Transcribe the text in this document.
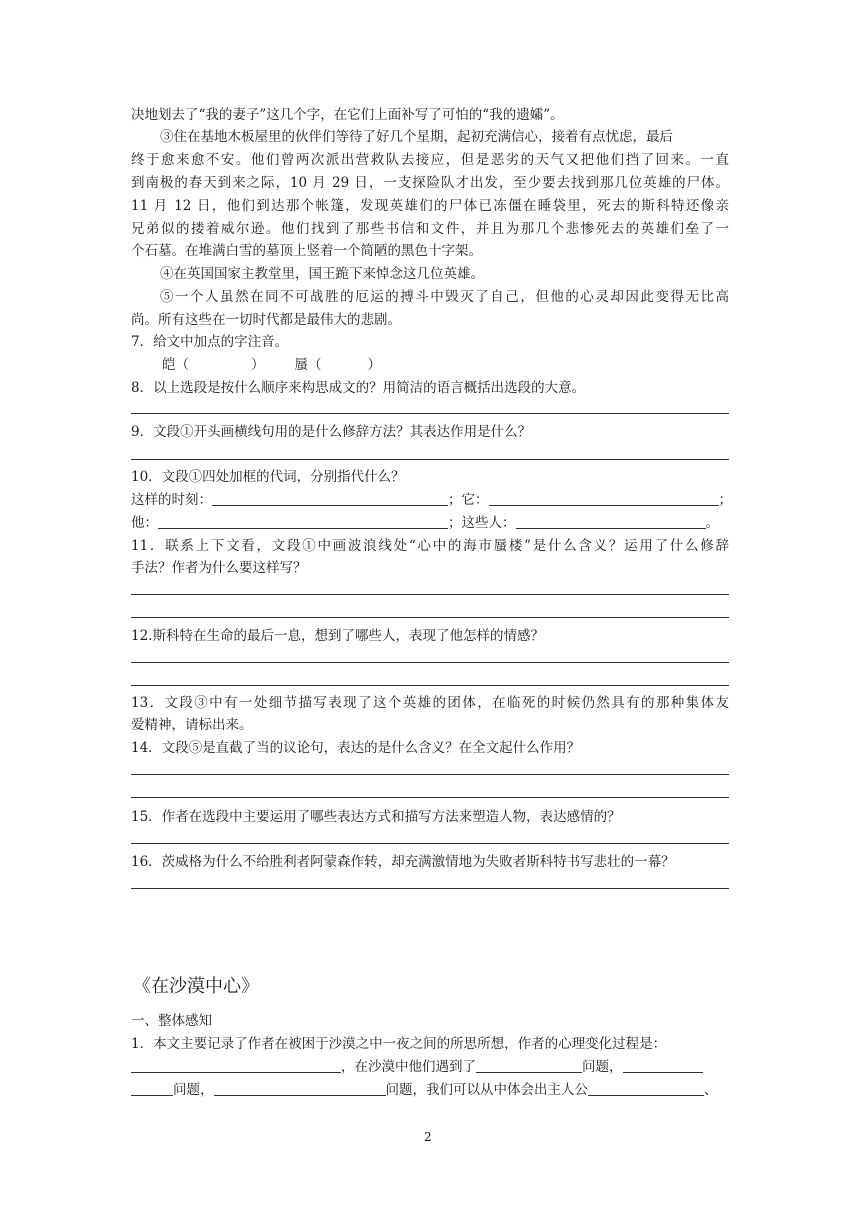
决地划去了“我的妻子”这几个字，在它们上面补写了可怕的“我的遗孀”。
③住在基地木板屋里的伙伴们等待了好几个星期，起初充满信心，接着有点忧虑，最后
终于愈来愈不安。他们曾两次派出营救队去接应，但是恶劣的天气又把他们挡了回来。一直
到南极的春天到来之际，10 月 29 日，一支探险队才出发，至少要去找到那几位英雄的尸体。
11 月 12 日，他们到达那个帐篷，发现英雄们的尸体已冻僵在睡袋里，死去的斯科特还像亲
兄弟似的搂着威尔逊。他们找到了那些书信和文件，并且为那几个悲惨死去的英雄们垒了一
个石墓。在堆满白雪的墓顶上竖着一个简陋的黑色十字架。
④在英国国家主教堂里，国王跪下来悼念这几位英雄。
⑤一个人虽然在同不可战胜的厄运的搏斗中毁灭了自己，但他的心灵却因此变得无比高
尚。所有这些在一切时代都是最伟大的悲剧。
7．给文中加点的字注音。
皑（	） 蜃（	）
8．以上选段是按什么顺序来构思成文的？用简洁的语言概括出选段的大意。
9．文段①开头画横线句用的是什么修辞方法？其表达作用是什么？
10．文段①四处加框的代词，分别指代什么？
这样的时刻：	；它：	；
他：	；这些人：	。
11．联系上下文看，文段①中画波浪线处“心中的海市蜃楼”是什么含义？运用了什么修辞
手法？作者为什么要这样写？
12.斯科特在生命的最后一息，想到了哪些人，表现了他怎样的情感？
13．文段③中有一处细节描写表现了这个英雄的团体，在临死的时候仍然具有的那种集体友
爱精神，请标出来。
14．文段⑤是直截了当的议论句，表达的是什么含义？在全文起什么作用？
15．作者在选段中主要运用了哪些表达方式和描写方法来塑造人物，表达感情的？
16．茨威格为什么不给胜利者阿蒙森作转，却充满激情地为失败者斯科特书写悲壮的一幕？
《在沙漠中心》
一、整体感知
1．本文主要记录了作者在被困于沙漠之中一夜之间的所思所想，作者的心理变化过程是：
，在沙漠中他们遇到了	问题，
问题，	问题，我们可以从中体会出主人公	、
2
